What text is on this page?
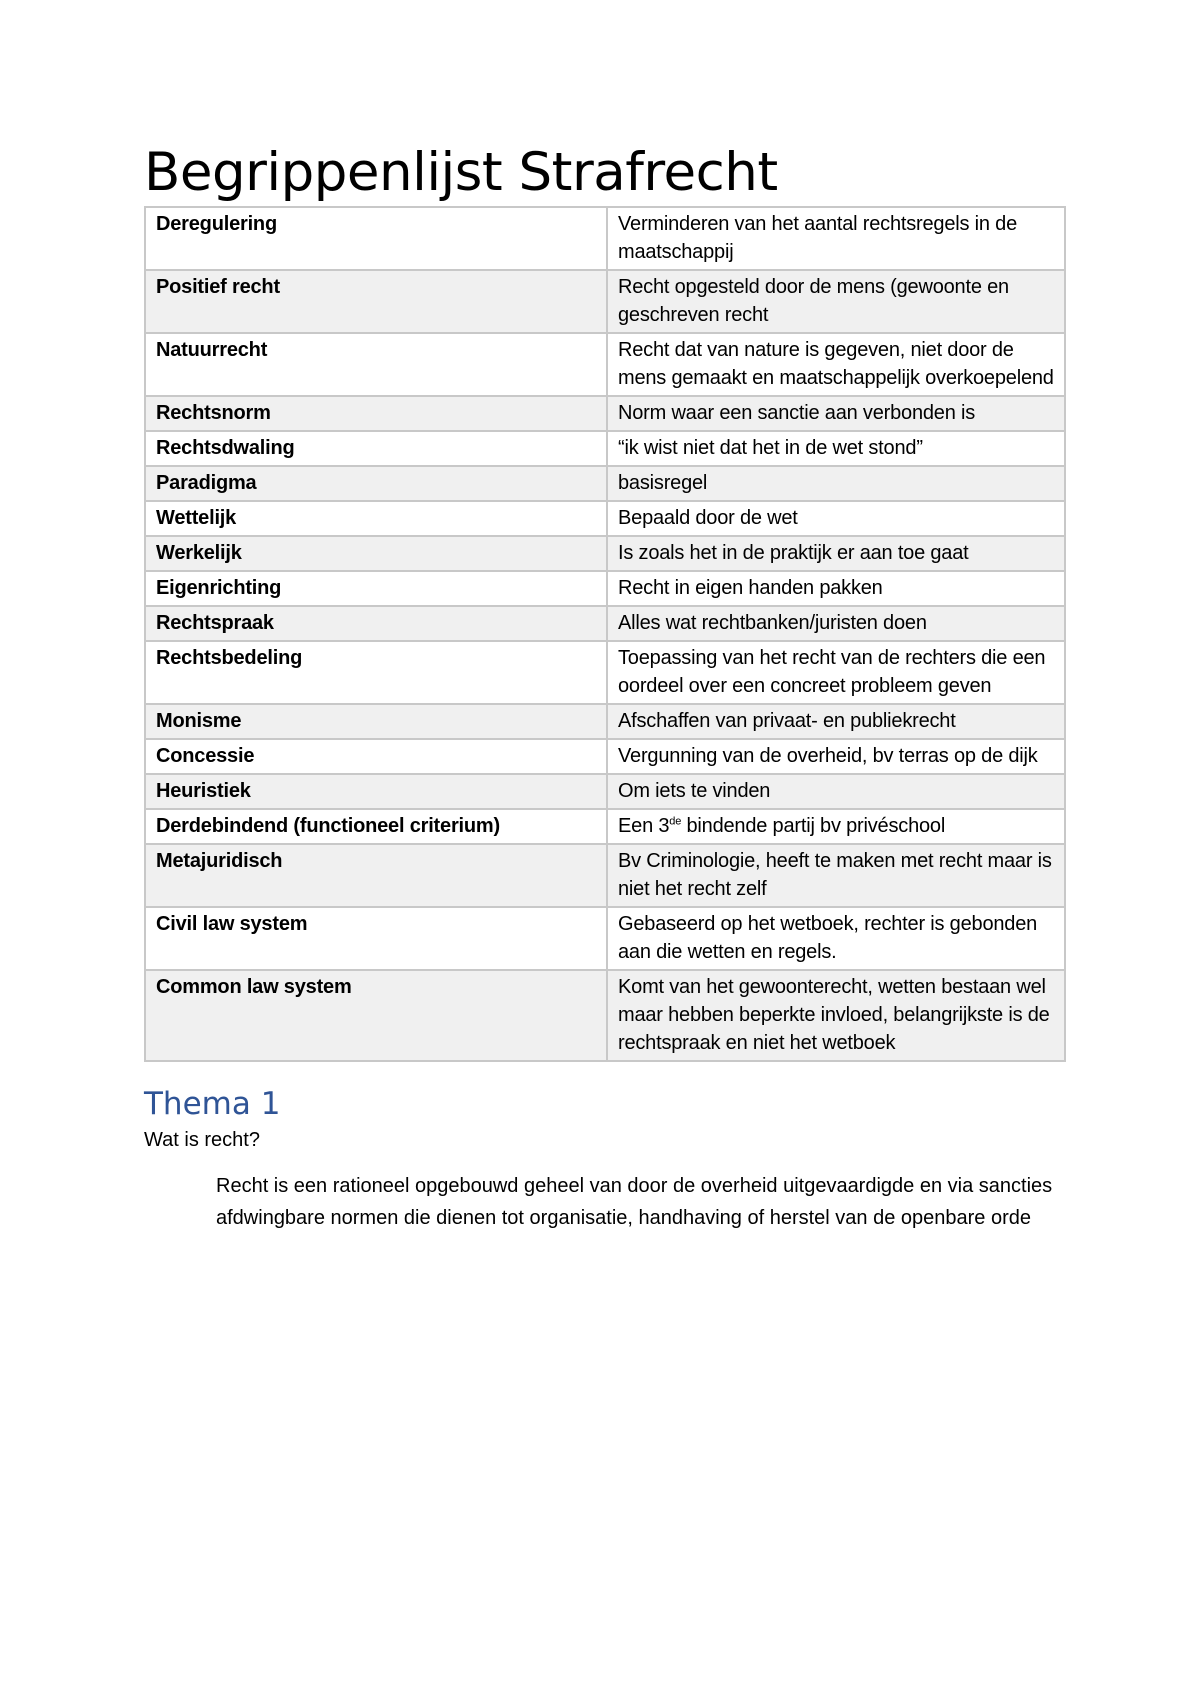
Begrippenlijst Strafrecht
Deregulering	Verminderen van het aantal rechtsregels in de maatschappij
Positief recht	Recht opgesteld door de mens (gewoonte en geschreven recht
Natuurrecht	Recht dat van nature is gegeven, niet door de mens gemaakt en maatschappelijk overkoepelend
Rechtsnorm	Norm waar een sanctie aan verbonden is
Rechtsdwaling	“ik wist niet dat het in de wet stond”
Paradigma	basisregel
Wettelijk	Bepaald door de wet
Werkelijk	Is zoals het in de praktijk er aan toe gaat
Eigenrichting	Recht in eigen handen pakken
Rechtspraak	Alles wat rechtbanken/juristen doen
Rechtsbedeling	Toepassing van het recht van de rechters die een oordeel over een concreet probleem geven
Monisme	Afschaffen van privaat- en publiekrecht
Concessie	Vergunning van de overheid, bv terras op de dijk
Heuristiek	Om iets te vinden
Derdebindend (functioneel criterium)	Een 3de bindende partij bv privéschool
Metajuridisch	Bv Criminologie, heeft te maken met recht maar is niet het recht zelf
Civil law system	Gebaseerd op het wetboek, rechter is gebonden aan die wetten en regels.
Common law system	Komt van het gewoonterecht, wetten bestaan wel maar hebben beperkte invloed, belangrijkste is de rechtspraak en niet het wetboek
Thema 1

Wat is recht?

Recht is een rationeel opgebouwd geheel van door de overheid uitgevaardigde en via sancties afdwingbare normen die dienen tot organisatie, handhaving of herstel van de openbare orde
